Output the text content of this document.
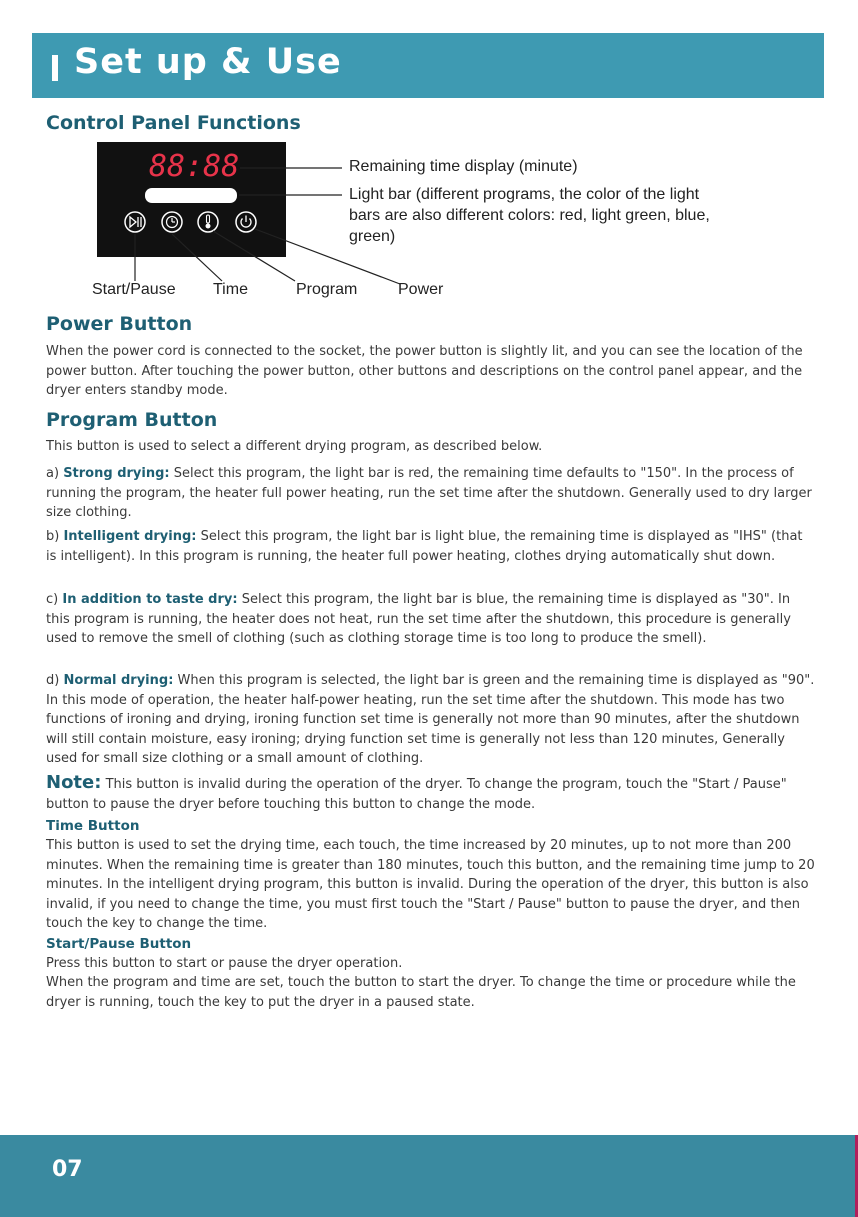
Set up & Use
Control Panel Functions
88:88	Remaining time display (minute)
Light bar (different programs, the color of the light
bars are also different colors: red, light green, blue,
green)
Start/Pause Time	Program	Power
Power Button

When the power cord is connected to the socket, the power button is slightly lit, and you can see the location of the power button. After touching the power button, other buttons and descriptions on the control panel appear, and the dryer enters standby mode.

Program Button

This button is used to select a different drying program, as described below.

a) Strong drying: Select this program, the light bar is red, the remaining time defaults to "150". In the process of running the program, the heater full power heating, run the set time after the shutdown. Generally used to dry larger size clothing.

b) Intelligent drying: Select this program, the light bar is light blue, the remaining time is displayed as "IHS" (that is intelligent). In this program is running, the heater full power heating, clothes drying automatically shut down.

c) In addition to taste dry: Select this program, the light bar is blue, the remaining time is displayed as "30". In this program is running, the heater does not heat, run the set time after the shutdown, this procedure is generally used to remove the smell of clothing (such as clothing storage time is too long to produce the smell).

d) Normal drying: When this program is selected, the light bar is green and the remaining time is displayed as "90". In this mode of operation, the heater half-power heating, run the set time after the shutdown. This mode has two functions of ironing and drying, ironing function set time is generally not more than 90 minutes, after the shutdown will still contain moisture, easy ironing; drying function set time is generally not less than 120 minutes, Generally used for small size clothing or a small amount of clothing.

Note: This button is invalid during the operation of the dryer. To change the program, touch the "Start / Pause" button to pause the dryer before touching this button to change the mode.

Time Button

This button is used to set the drying time, each touch, the time increased by 20 minutes, up to not more than 200 minutes. When the remaining time is greater than 180 minutes, touch this button, and the remaining time jump to 20 minutes. In the intelligent drying program, this button is invalid. During the operation of the dryer, this button is also invalid, if you need to change the time, you must first touch the "Start / Pause" button to pause the dryer, and then touch the key to change the time.

Start/Pause Button

Press this button to start or pause the dryer operation.

When the program and time are set, touch the button to start the dryer. To change the time or procedure while the dryer is running, touch the key to put the dryer in a paused state.

07
